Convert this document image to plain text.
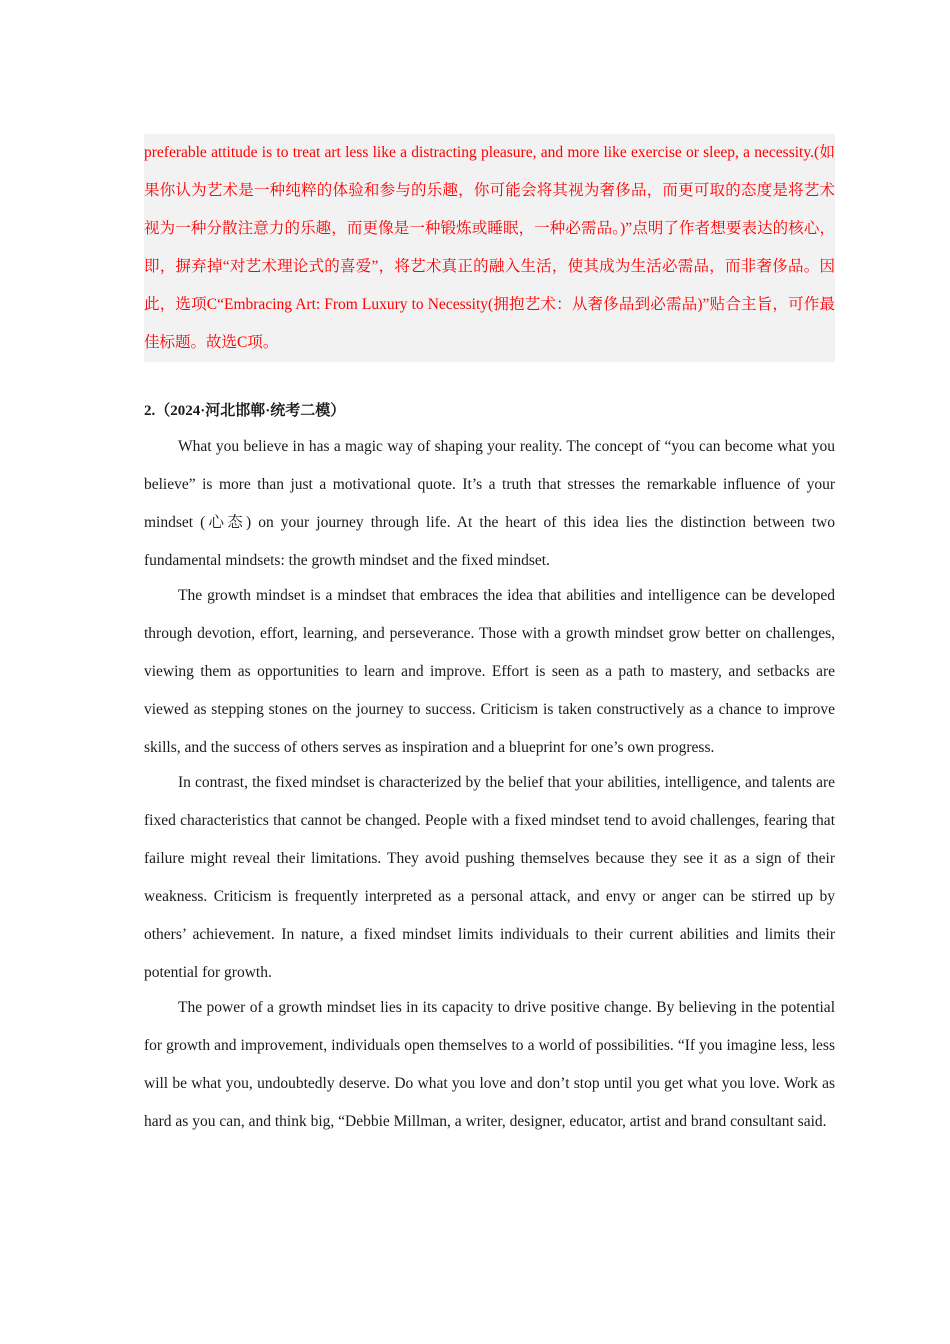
preferable attitude is to treat art less like a distracting pleasure, and more like exercise or sleep, a necessity.(如果你认为艺术是一种纯粹的体验和参与的乐趣，你可能会将其视为奢侈品，而更可取的态度是将艺术视为一种分散注意力的乐趣，而更像是一种锻炼或睡眠，一种必需品。)”点明了作者想要表达的核心，即，摒弃掉“对艺术理论式的喜爱”，将艺术真正的融入生活，使其成为生活必需品，而非奢侈品。因此，选项C“Embracing Art: From Luxury to Necessity(拥抱艺术：从奢侈品到必需品)”贴合主旨，可作最佳标题。故选C项。

2.（2024·河北邯郸·统考二模）

What you believe in has a magic way of shaping your reality. The concept of “you can become what you believe” is more than just a motivational quote. It’s a truth that stresses the remarkable influence of your mindset (心态) on your journey through life. At the heart of this idea lies the distinction between two fundamental mindsets: the growth mindset and the fixed mindset.

The growth mindset is a mindset that embraces the idea that abilities and intelligence can be developed through devotion, effort, learning, and perseverance. Those with a growth mindset grow better on challenges, viewing them as opportunities to learn and improve. Effort is seen as a path to mastery, and setbacks are viewed as stepping stones on the journey to success. Criticism is taken constructively as a chance to improve skills, and the success of others serves as inspiration and a blueprint for one’s own progress.

In contrast, the fixed mindset is characterized by the belief that your abilities, intelligence, and talents are fixed characteristics that cannot be changed. People with a fixed mindset tend to avoid challenges, fearing that failure might reveal their limitations. They avoid pushing themselves because they see it as a sign of their weakness. Criticism is frequently interpreted as a personal attack, and envy or anger can be stirred up by others’ achievement. In nature, a fixed mindset limits individuals to their current abilities and limits their potential for growth.

The power of a growth mindset lies in its capacity to drive positive change. By believing in the potential for growth and improvement, individuals open themselves to a world of possibilities. “If you imagine less, less will be what you, undoubtedly deserve. Do what you love and don’t stop until you get what you love. Work as hard as you can, and think big, “Debbie Millman, a writer, designer, educator, artist and brand consultant said.
